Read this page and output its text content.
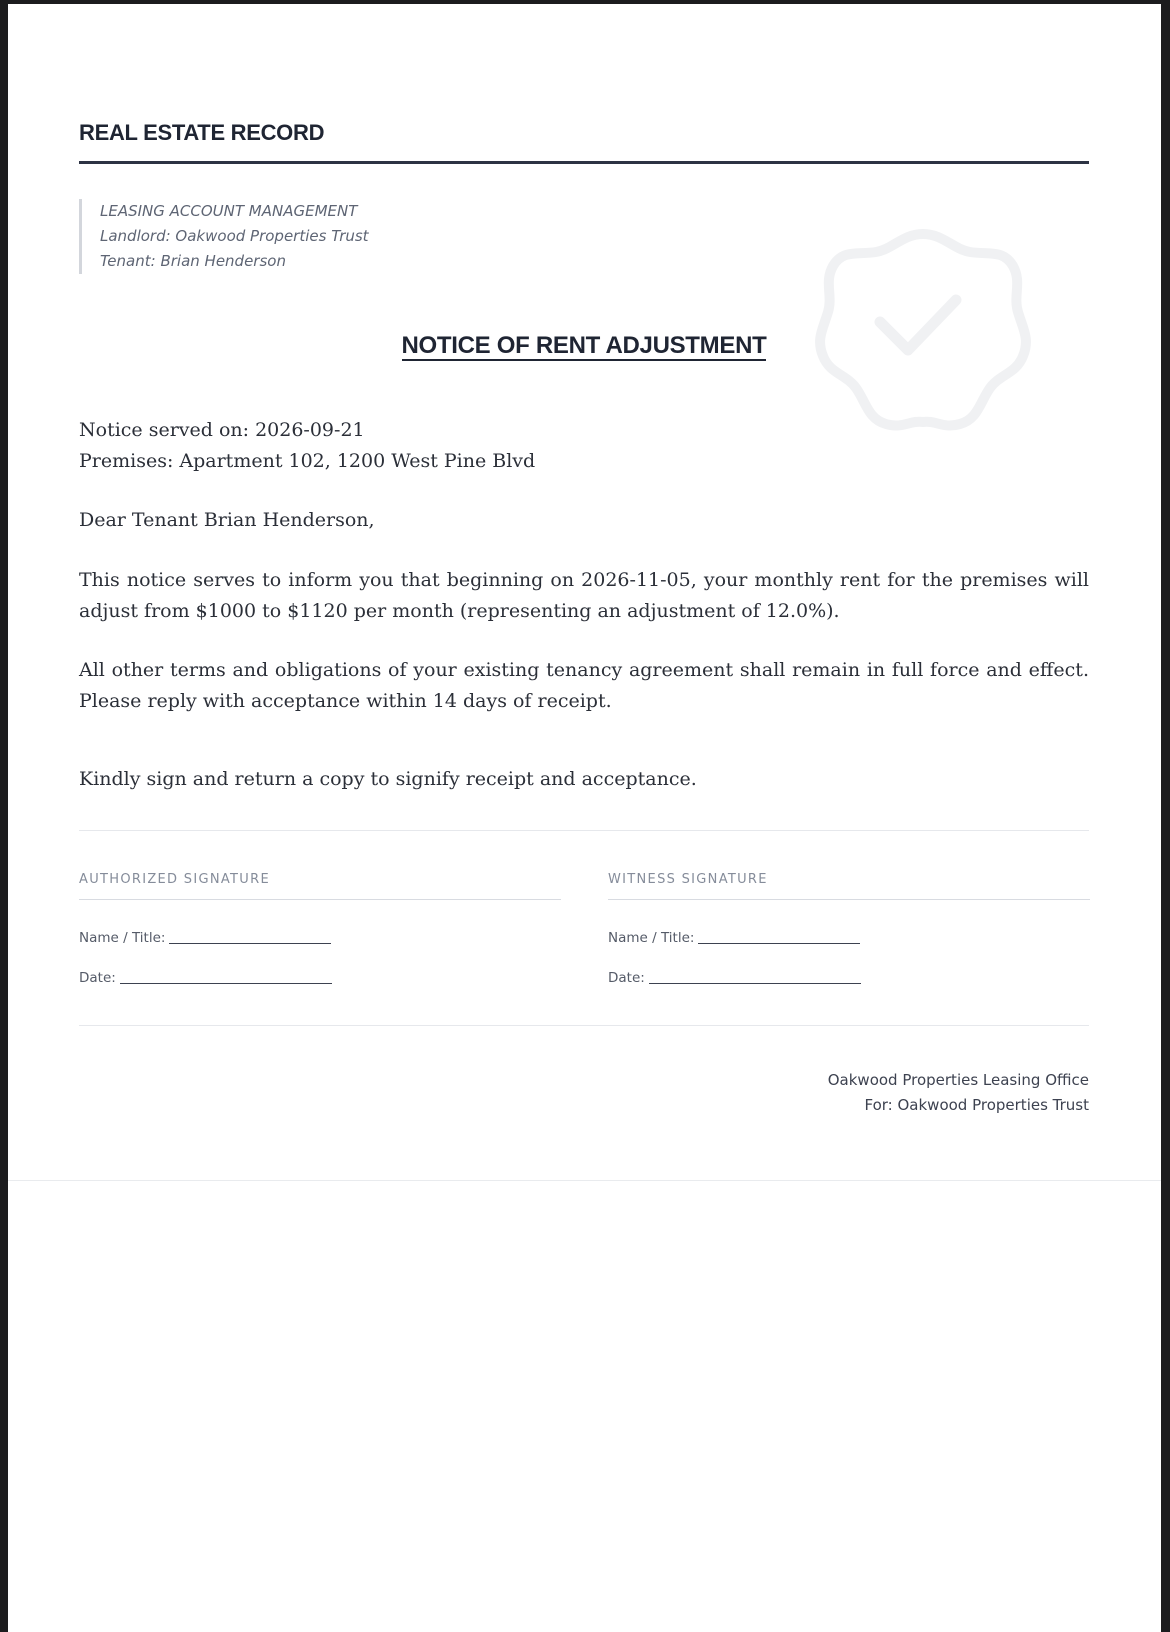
REAL ESTATE RECORD
LEASING ACCOUNT MANAGEMENT
Landlord: Oakwood Properties Trust
Tenant: Brian Henderson
NOTICE OF RENT ADJUSTMENT
Notice served on: 2026-09-21
Premises: Apartment 102, 1200 West Pine Blvd
Dear Tenant Brian Henderson,
This notice serves to inform you that beginning on 2026-11-05, your monthly rent for the premises will adjust from $1000 to $1120 per month (representing an adjustment of 12.0%).
All other terms and obligations of your existing tenancy agreement shall remain in full force and effect. Please reply with acceptance within 14 days of receipt.
Kindly sign and return a copy to signify receipt and acceptance.
AUTHORIZED SIGNATURE
Name / Title:
Date:
WITNESS SIGNATURE
Name / Title:
Date:
Oakwood Properties Leasing Office
For: Oakwood Properties Trust
